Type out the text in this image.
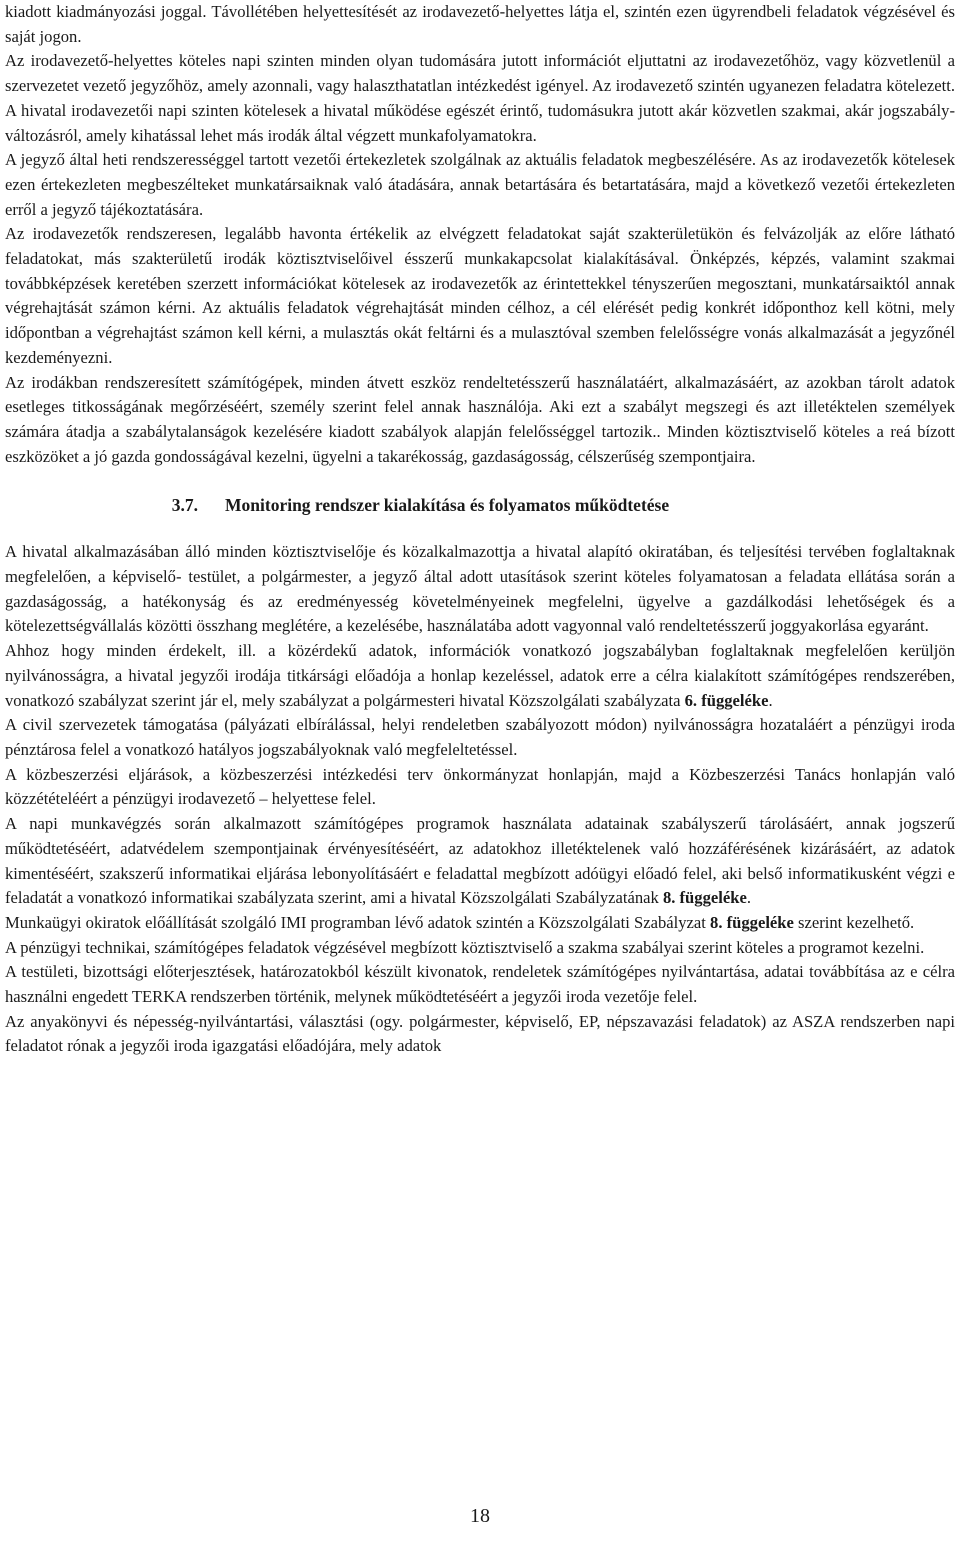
kiadott kiadmányozási joggal. Távollétében helyettesítését az irodavezető-helyettes látja el, szintén ezen ügyrendbeli feladatok végzésével és saját jogon.

Az irodavezető-helyettes köteles napi szinten minden olyan tudomására jutott információt eljuttatni az irodavezetőhöz, vagy közvetlenül a szervezetet vezető jegyzőhöz, amely azonnali, vagy halaszthatatlan intézkedést igényel. Az irodavezető szintén ugyanezen feladatra kötelezett. A hivatal irodavezetői napi szinten kötelesek a hivatal működése egészét érintő, tudomásukra jutott akár közvetlen szakmai, akár jogszabály-változásról, amely kihatással lehet más irodák által végzett munkafolyamatokra.

A jegyző által heti rendszerességgel tartott vezetői értekezletek szolgálnak az aktuális feladatok megbeszélésére. As az irodavezetők kötelesek ezen értekezleten megbeszélteket munkatársaiknak való átadására, annak betartására és betartatására, majd a következő vezetői értekezleten erről a jegyző tájékoztatására.

Az irodavezetők rendszeresen, legalább havonta értékelik az elvégzett feladatokat saját szakterületükön és felvázolják az előre látható feladatokat, más szakterületű irodák köztisztviselőivel ésszerű munkakapcsolat kialakításával. Önképzés, képzés, valamint szakmai továbbképzések keretében szerzett információkat kötelesek az irodavezetők az érintettekkel tényszerűen megosztani, munkatársaiktól annak végrehajtását számon kérni. Az aktuális feladatok végrehajtását minden célhoz, a cél elérését pedig konkrét időponthoz kell kötni, mely időpontban a végrehajtást számon kell kérni, a mulasztás okát feltárni és a mulasztóval szemben felelősségre vonás alkalmazását a jegyzőnél kezdeményezni.

Az irodákban rendszeresített számítógépek, minden átvett eszköz rendeltetésszerű használatáért, alkalmazásáért, az azokban tárolt adatok esetleges titkosságának megőrzéséért, személy szerint felel annak használója. Aki ezt a szabályt megszegi és azt illetéktelen személyek számára átadja a szabálytalanságok kezelésére kiadott szabályok alapján felelősséggel tartozik.. Minden köztisztviselő köteles a reá bízott eszközöket a jó gazda gondosságával kezelni, ügyelni a takarékosság, gazdaságosság, célszerűség szempontjaira.

3.7.	Monitoring rendszer kialakítása és folyamatos működtetése

A hivatal alkalmazásában álló minden köztisztviselője és közalkalmazottja a hivatal alapító okiratában, és teljesítési tervében foglaltaknak megfelelően, a képviselő- testület, a polgármester, a jegyző által adott utasítások szerint köteles folyamatosan a feladata ellátása során a gazdaságosság, a hatékonyság és az eredményesség követelményeinek megfelelni, ügyelve a gazdálkodási lehetőségek és a kötelezettségvállalás közötti összhang meglétére, a kezelésébe, használatába adott vagyonnal való rendeltetésszerű joggyakorlása egyaránt.

Ahhoz hogy minden érdekelt, ill. a közérdekű adatok, információk vonatkozó jogszabályban foglaltaknak megfelelően kerüljön nyilvánosságra, a hivatal jegyzői irodája titkársági előadója a honlap kezeléssel, adatok erre a célra kialakított számítógépes rendszerében, vonatkozó szabályzat szerint jár el, mely szabályzat a polgármesteri hivatal Közszolgálati szabályzata 6. függeléke.

A civil szervezetek támogatása (pályázati elbírálással, helyi rendeletben szabályozott módon) nyilvánosságra hozataláért a pénzügyi iroda pénztárosa felel a vonatkozó hatályos jogszabályoknak való megfeleltetéssel.

A közbeszerzési eljárások, a közbeszerzési intézkedési terv önkormányzat honlapján, majd a Közbeszerzési Tanács honlapján való közzétételéért a pénzügyi irodavezető – helyettese felel.

A napi munkavégzés során alkalmazott számítógépes programok használata adatainak szabályszerű tárolásáért, annak jogszerű működtetéséért, adatvédelem szempontjainak érvényesítéséért, az adatokhoz illetéktelenek való hozzáférésének kizárásáért, az adatok kimentéséért, szakszerű informatikai eljárása lebonyolításáért e feladattal megbízott adóügyi előadó felel, aki belső informatikusként végzi e feladatát a vonatkozó informatikai szabályzata szerint, ami a hivatal Közszolgálati Szabályzatának 8. függeléke.

Munkaügyi okiratok előállítását szolgáló IMI programban lévő adatok szintén a Közszolgálati Szabályzat 8. függeléke szerint kezelhető.

A pénzügyi technikai, számítógépes feladatok végzésével megbízott köztisztviselő a szakma szabályai szerint köteles a programot kezelni.

A testületi, bizottsági előterjesztések, határozatokból készült kivonatok, rendeletek számítógépes nyilvántartása, adatai továbbítása az e célra használni engedett TERKA rendszerben történik, melynek működtetéséért a jegyzői iroda vezetője felel.

Az anyakönyvi és népesség-nyilvántartási, választási (ogy. polgármester, képviselő, EP, népszavazási feladatok) az ASZA rendszerben napi feladatot rónak a jegyzői iroda igazgatási előadójára, mely adatok

18
